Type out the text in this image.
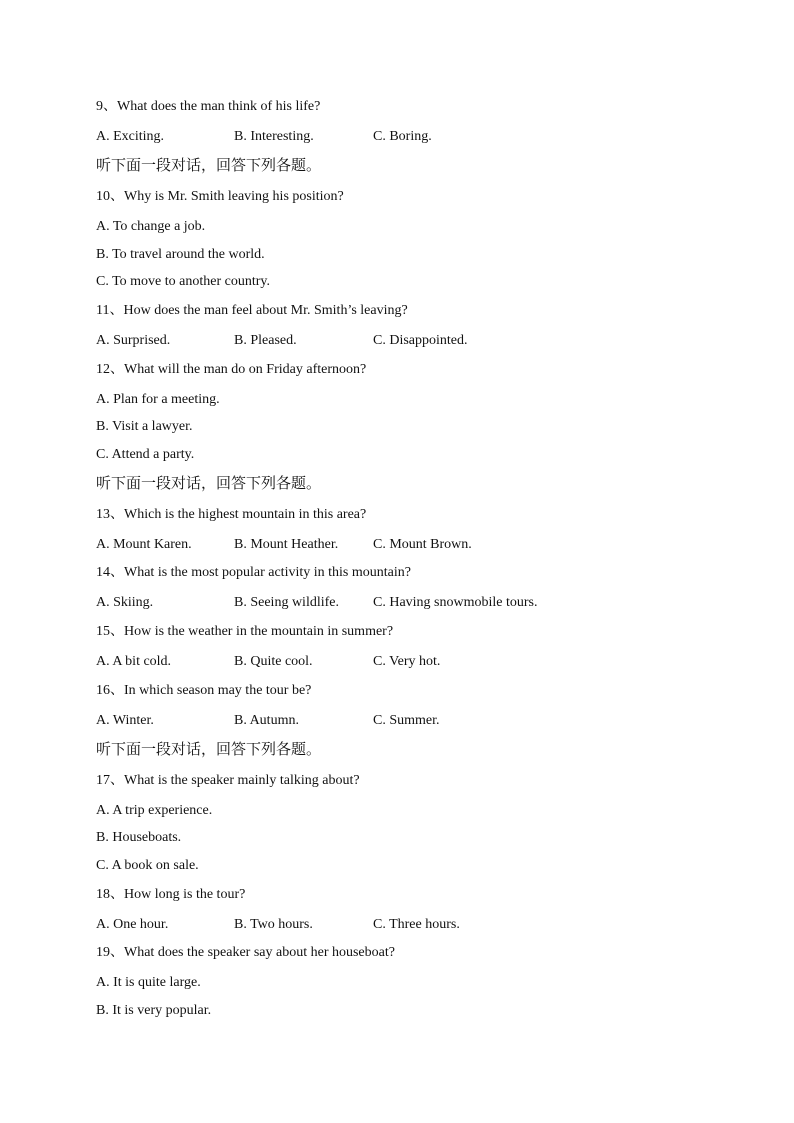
9、What does the man think of his life?

A. Exciting.	B. Interesting.	C. Boring.

听下面一段对话，回答下列各题。

10、Why is Mr. Smith leaving his position?

A. To change a job.

B. To travel around the world.

C. To move to another country.

11、How does the man feel about Mr. Smith’s leaving?

A. Surprised.	B. Pleased.	C. Disappointed.

12、What will the man do on Friday afternoon?

A. Plan for a meeting.

B. Visit a lawyer.

C. Attend a party.

听下面一段对话，回答下列各题。

13、Which is the highest mountain in this area?

A. Mount Karen.	B. Mount Heather. C. Mount Brown.

14、What is the most popular activity in this mountain?

A. Skiing.	B. Seeing wildlife. C. Having snowmobile tours.

15、How is the weather in the mountain in summer?

A. A bit cold.	B. Quite cool.	C. Very hot.

16、In which season may the tour be?

A. Winter.	B. Autumn.	C. Summer.

听下面一段对话，回答下列各题。

17、What is the speaker mainly talking about?

A. A trip experience.

B. Houseboats.

C. A book on sale.

18、How long is the tour?

A. One hour.	B. Two hours.	C. Three hours.

19、What does the speaker say about her houseboat?

A. It is quite large.

B. It is very popular.
